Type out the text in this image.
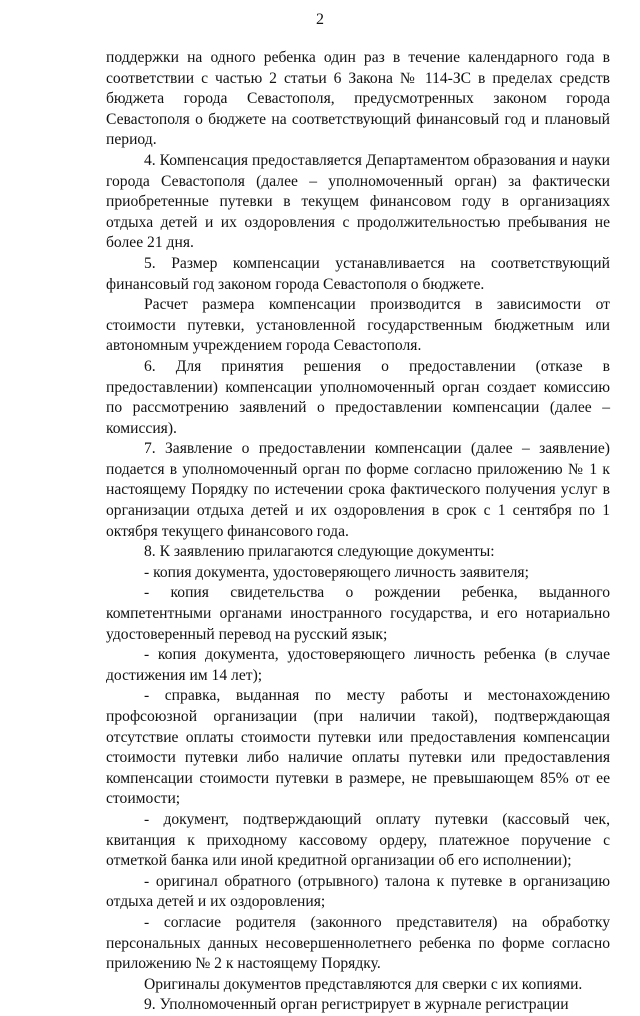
2

поддержки на одного ребенка один раз в течение календарного года в соответствии с частью 2 статьи 6 Закона № 114-ЗС в пределах средств бюджета города Севастополя, предусмотренных законом города Севастополя о бюджете на соответствующий финансовый год и плановый период.

4. Компенсация предоставляется Департаментом образования и науки города Севастополя (далее – уполномоченный орган) за фактически приобретенные путевки в текущем финансовом году в организациях отдыха детей и их оздоровления с продолжительностью пребывания не более 21 дня.

5. Размер компенсации устанавливается на соответствующий финансовый год законом города Севастополя о бюджете.

Расчет размера компенсации производится в зависимости от стоимости путевки, установленной государственным бюджетным или автономным учреждением города Севастополя.

6. Для принятия решения о предоставлении (отказе в предоставлении) компенсации уполномоченный орган создает комиссию по рассмотрению заявлений о предоставлении компенсации (далее – комиссия).

7. Заявление о предоставлении компенсации (далее – заявление) подается в уполномоченный орган по форме согласно приложению № 1 к настоящему Порядку по истечении срока фактического получения услуг в организации отдыха детей и их оздоровления в срок с 1 сентября по 1 октября текущего финансового года.

8. К заявлению прилагаются следующие документы:

- копия документа, удостоверяющего личность заявителя;

- копия свидетельства о рождении ребенка, выданного компетентными органами иностранного государства, и его нотариально удостоверенный перевод на русский язык;

- копия документа, удостоверяющего личность ребенка (в случае достижения им 14 лет);

- справка, выданная по месту работы и местонахождению профсоюзной организации (при наличии такой), подтверждающая отсутствие оплаты стоимости путевки или предоставления компенсации стоимости путевки либо наличие оплаты путевки или предоставления компенсации стоимости путевки в размере, не превышающем 85% от ее стоимости;

- документ, подтверждающий оплату путевки (кассовый чек, квитанция к приходному кассовому ордеру, платежное поручение с отметкой банка или иной кредитной организации об его исполнении);

- оригинал обратного (отрывного) талона к путевке в организацию отдыха детей и их оздоровления;

- согласие родителя (законного представителя) на обработку персональных данных несовершеннолетнего ребенка по форме согласно приложению № 2 к настоящему Порядку.

Оригиналы документов представляются для сверки с их копиями.

9. Уполномоченный орган регистрирует в журнале регистрации
